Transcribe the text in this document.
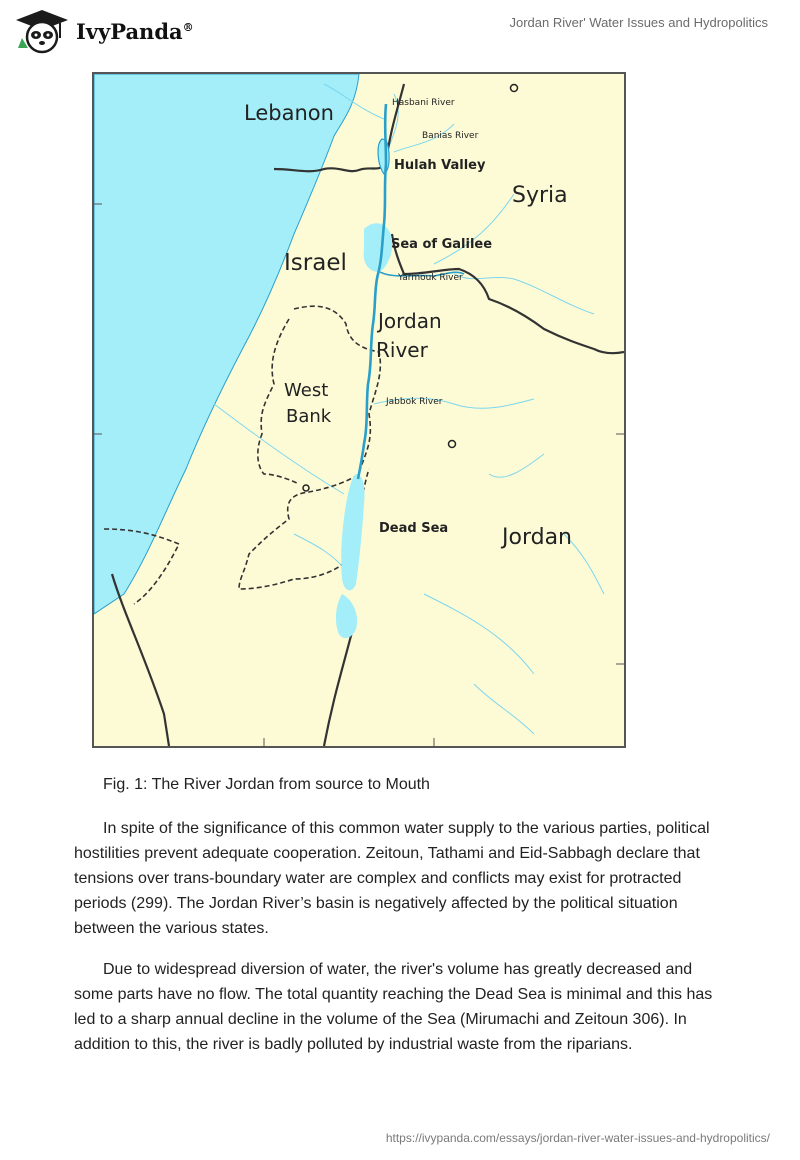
IvyPanda®	Jordan River' Water Issues and Hydropolitics
Lebanon
Syria
Israel
Jordan
West
Bank
Jordan
River
Hasbani River
Banias River
Hulah Valley
Sea of Galilee
Yarmouk River
Jabbok River
Dead Sea
Fig. 1: The River Jordan from source to Mouth

In spite of the significance of this common water supply to the various parties, political hostilities prevent adequate cooperation. Zeitoun, Tathami and Eid-Sabbagh declare that tensions over trans-boundary water are complex and conflicts may exist for protracted periods (299). The Jordan River’s basin is negatively affected by the political situation between the various states.

Due to widespread diversion of water, the river's volume has greatly decreased and some parts have no flow. The total quantity reaching the Dead Sea is minimal and this has led to a sharp annual decline in the volume of the Sea (Mirumachi and Zeitoun 306). In addition to this, the river is badly polluted by industrial waste from the riparians.

https://ivypanda.com/essays/jordan-river-water-issues-and-hydropolitics/
